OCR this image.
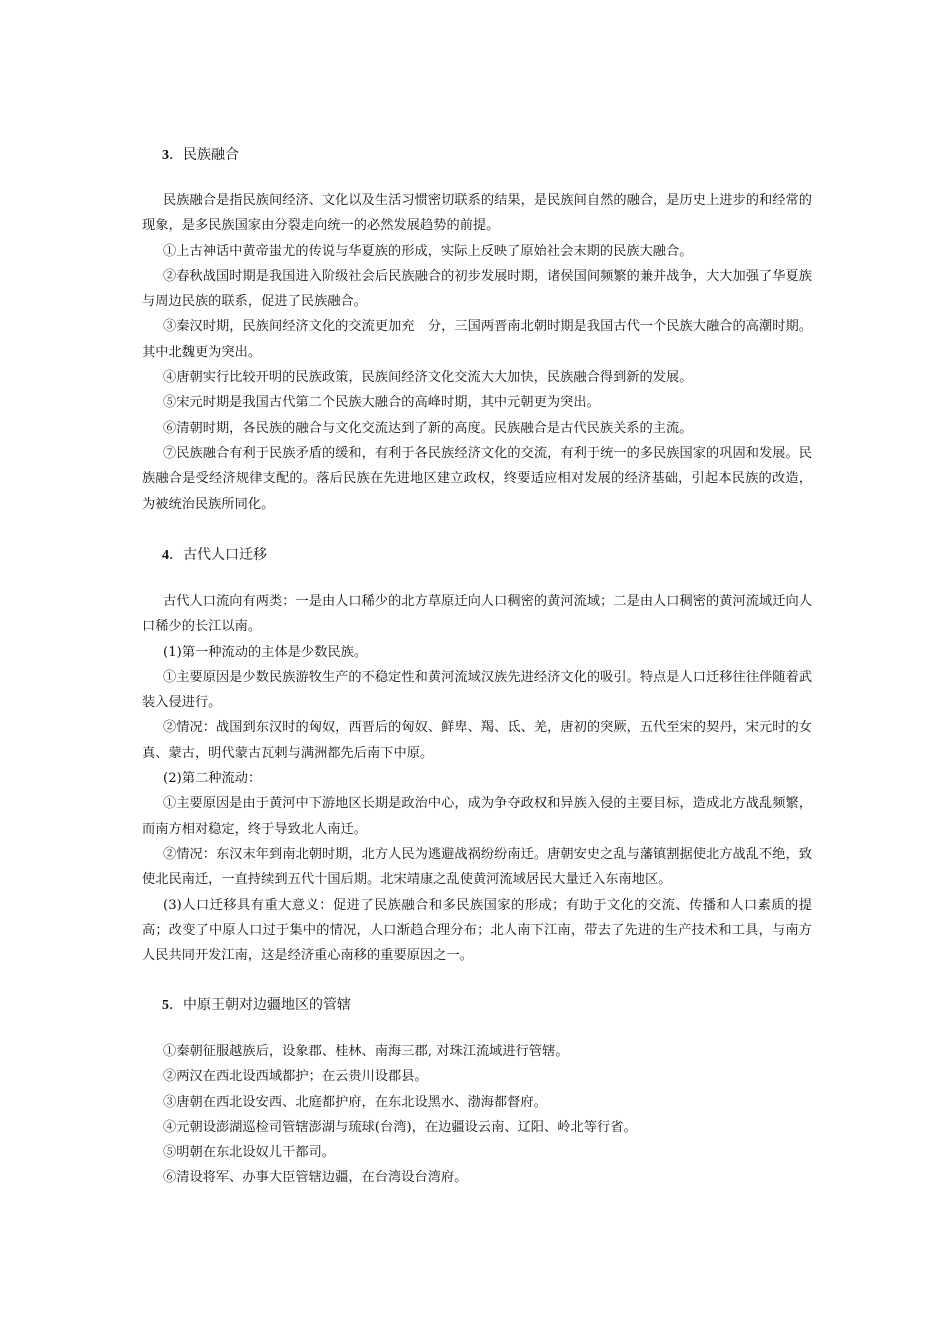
3．民族融合

民族融合是指民族间经济、文化以及生活习惯密切联系的结果，是民族间自然的融合，是历史上进步的和经常的现象，是多民族国家由分裂走向统一的必然发展趋势的前提。

①上古神话中黄帝蚩尤的传说与华夏族的形成，实际上反映了原始社会末期的民族大融合。

②春秋战国时期是我国进入阶级社会后民族融合的初步发展时期，诸侯国间频繁的兼并战争，大大加强了华夏族与周边民族的联系，促进了民族融合。

③秦汉时期，民族间经济文化的交流更加充　分，三国两晋南北朝时期是我国古代一个民族大融合的高潮时期。其中北魏更为突出。

④唐朝实行比较开明的民族政策，民族间经济文化交流大大加快，民族融合得到新的发展。

⑤宋元时期是我国古代第二个民族大融合的高峰时期，其中元朝更为突出。

⑥清朝时期，各民族的融合与文化交流达到了新的高度。民族融合是古代民族关系的主流。

⑦民族融合有利于民族矛盾的缓和，有利于各民族经济文化的交流，有利于统一的多民族国家的巩固和发展。民族融合是受经济规律支配的。落后民族在先进地区建立政权，终要适应相对发展的经济基础，引起本民族的改造，为被统治民族所同化。

4．古代人口迁移

古代人口流向有两类：一是由人口稀少的北方草原迁向人口稠密的黄河流域；二是由人口稠密的黄河流域迁向人口稀少的长江以南。

(1)第一种流动的主体是少数民族。

①主要原因是少数民族游牧生产的不稳定性和黄河流域汉族先进经济文化的吸引。特点是人口迁移往往伴随着武装入侵进行。

②情况：战国到东汉时的匈奴，西晋后的匈奴、鲜卑、羯、氐、羌，唐初的突厥，五代至宋的契丹，宋元时的女真、蒙古，明代蒙古瓦剌与满洲都先后南下中原。

(2)第二种流动：

①主要原因是由于黄河中下游地区长期是政治中心，成为争夺政权和异族入侵的主要目标，造成北方战乱频繁，而南方相对稳定，终于导致北人南迁。

②情况：东汉末年到南北朝时期，北方人民为逃避战祸纷纷南迁。唐朝安史之乱与藩镇割据使北方战乱不绝，致使北民南迁，一直持续到五代十国后期。北宋靖康之乱使黄河流域居民大量迁入东南地区。

(3)人口迁移具有重大意义：促进了民族融合和多民族国家的形成；有助于文化的交流、传播和人口素质的提高；改变了中原人口过于集中的情况，人口渐趋合理分布；北人南下江南，带去了先进的生产技术和工具，与南方人民共同开发江南，这是经济重心南移的重要原因之一。

5．中原王朝对边疆地区的管辖

①秦朝征服越族后，设象郡、桂林、南海三郡, 对珠江流域进行管辖。

②两汉在西北设西域都护；在云贵川设郡县。

③唐朝在西北设安西、北庭都护府，在东北设黑水、渤海都督府。

④元朝设澎湖巡检司管辖澎湖与琉球(台湾)，在边疆设云南、辽阳、岭北等行省。

⑤明朝在东北设奴儿干都司。

⑥清设将军、办事大臣管辖边疆，在台湾设台湾府。
